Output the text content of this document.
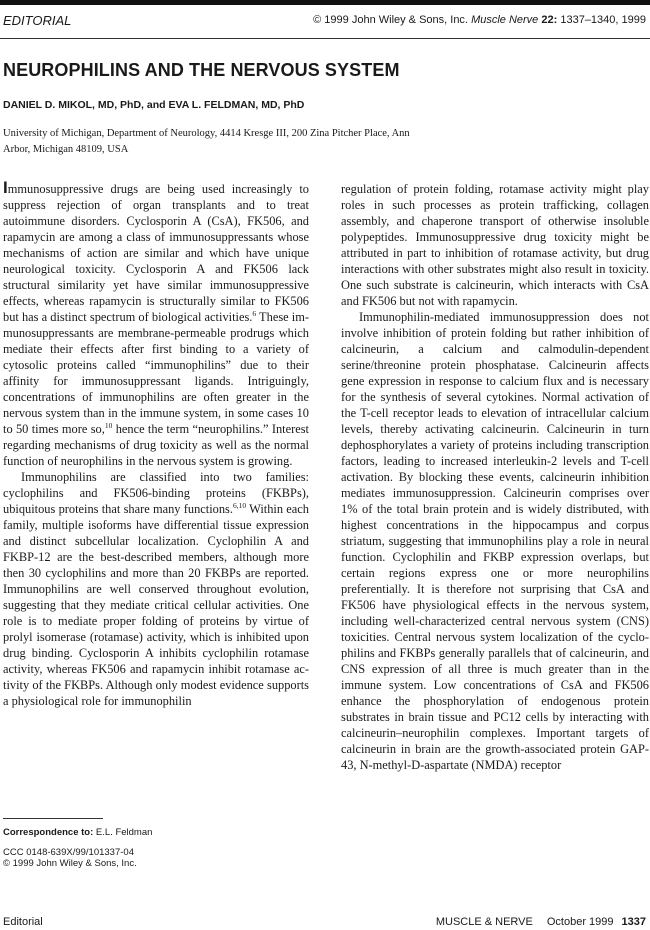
EDITORIAL	© 1999 John Wiley & Sons, Inc. Muscle Nerve 22: 1337–1340, 1999
NEUROPHILINS AND THE NERVOUS SYSTEM
DANIEL D. MIKOL, MD, PhD, and EVA L. FELDMAN, MD, PhD
University of Michigan, Department of Neurology, 4414 Kresge III, 200 Zina Pitcher Place, Ann Arbor, Michigan 48109, USA

Immunosuppressive drugs are being used increasingly to suppress rejection of organ transplants and to treat autoimmune disorders. Cyclosporin A (CsA), FK506, and rapamycin are among a class of immunosuppressants whose mechanisms of action are similar and which have unique neurological toxicity. Cyclosporin A and FK506 lack structural similarity yet have similar immunosuppressive effects, whereas rapamycin is structurally similar to FK506 but has a distinct spectrum of biological activities.$^6$ These immunosuppressants are membrane-permeable prodrugs which mediate their effects after first binding to a variety of cytosolic proteins called “immunophilins” due to their affinity for immunosuppressant ligands. Intriguingly, concentrations of immunophilins are often greater in the nervous system than in the immune system, in some cases 10 to 50 times more so,$^{10}$ hence the term “neurophilins.” Interest regarding mechanisms of drug toxicity as well as the normal function of neurophilins in the nervous system is growing.

Immunophilins are classified into two families: cyclophilins and FK506-binding proteins (FKBPs), ubiquitous proteins that share many functions.$^{6,10}$ Within each family, multiple isoforms have differential tissue expression and distinct subcellular localization. Cyclophilin A and FKBP-12 are the best-described members, although more then 30 cyclophilins and more than 20 FKBPs are reported. Immunophilins are well conserved throughout evolution, suggesting that they mediate critical cellular activities. One role is to mediate proper folding of proteins by virtue of prolyl isomerase (rotamase) activity, which is inhibited upon drug binding. Cyclosporin A inhibits cyclophilin rotamase activity, whereas FK506 and rapamycin inhibit rotamase activity of the FKBPs. Although only modest evidence supports a physiological role for immunophilin

regulation of protein folding, rotamase activity might play roles in such processes as protein trafficking, collagen assembly, and chaperone transport of otherwise insoluble polypeptides. Immunosuppressive drug toxicity might be attributed in part to inhibition of rotamase activity, but drug interactions with other substrates might also result in toxicity. One such substrate is calcineurin, which interacts with CsA and FK506 but not with rapamycin.

Immunophilin-mediated immunosuppression does not involve inhibition of protein folding but rather inhibition of calcineurin, a calcium and calmodulin-dependent serine/threonine protein phosphatase. Calcineurin affects gene expression in response to calcium flux and is necessary for the synthesis of several cytokines. Normal activation of the T-cell receptor leads to elevation of intracellular calcium levels, thereby activating calcineurin. Calcineurin in turn dephosphorylates a variety of proteins including transcription factors, leading to increased interleukin-2 levels and T-cell activation. By blocking these events, calcineurin inhibition mediates immunosuppression. Calcineurin comprises over 1% of the total brain protein and is widely distributed, with highest concentrations in the hippocampus and corpus striatum, suggesting that immunophilins play a role in neural function. Cyclophilin and FKBP expression overlaps, but certain regions express one or more neurophilins preferentially. It is therefore not surprising that CsA and FK506 have physiological effects in the nervous system, including well-characterized central nervous system (CNS) toxicities. Central nervous system localization of the cyclophilins and FKBPs generally parallels that of calcineurin, and CNS expression of all three is much greater than in the immune system. Low concentrations of CsA and FK506 enhance the phosphorylation of endogenous protein substrates in brain tissue and PC12 cells by interacting with calcineurin–neurophilin complexes. Important targets of calcineurin in brain are the growth-associated protein GAP-43, N-methyl-D-aspartate (NMDA) receptor

Correspondence to: E.L. Feldman
CCC 0148-639X/99/101337-04
© 1999 John Wiley & Sons, Inc.
Editorial	MUSCLE & NERVE October 1999 1337
